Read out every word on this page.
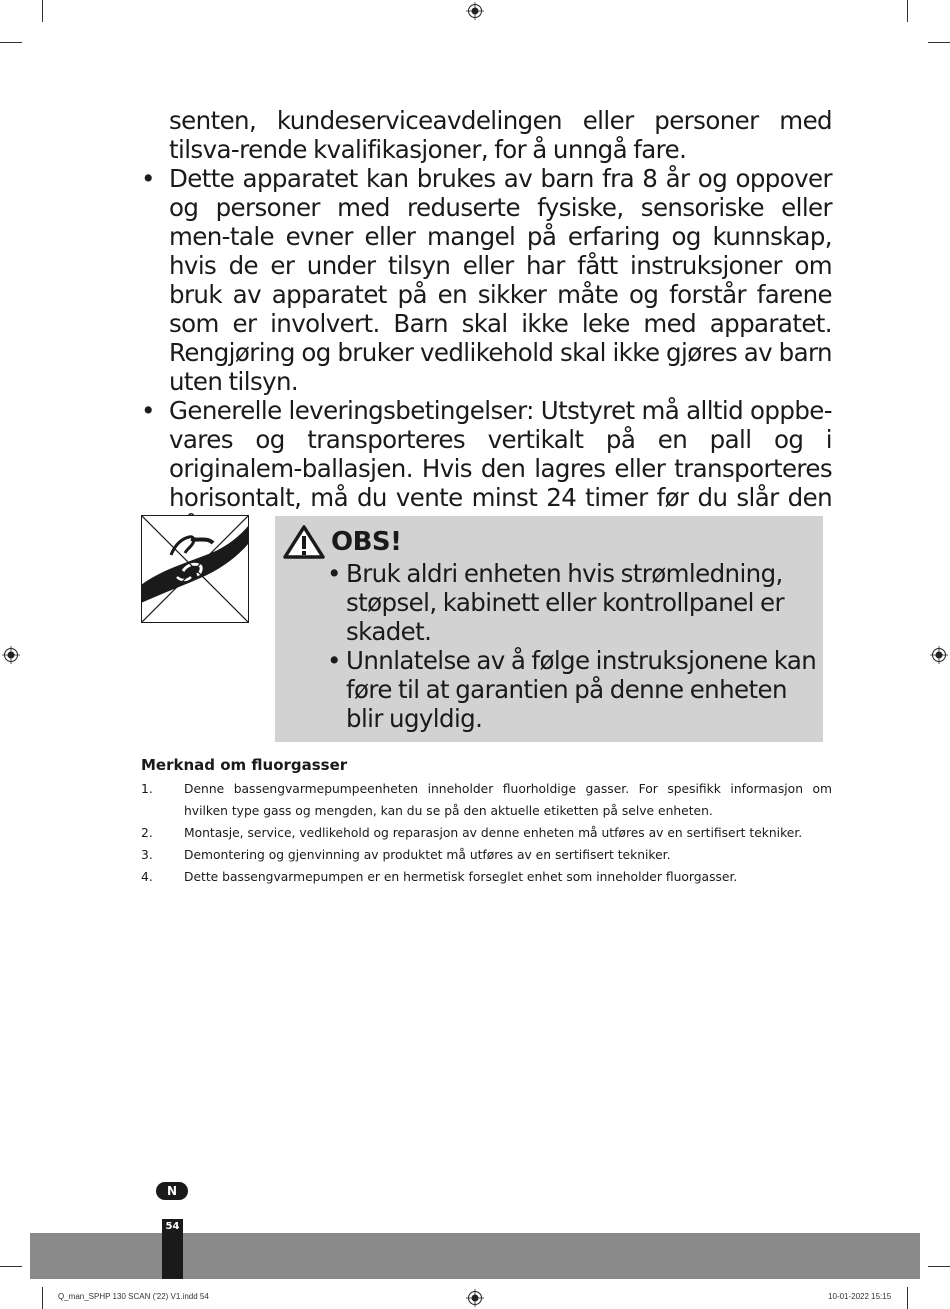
senten, kundeserviceavdelingen eller personer med tilsva-rende kvalifikasjoner, for å unngå fare.

• Dette apparatet kan brukes av barn fra 8 år og oppover og personer med reduserte fysiske, sensoriske eller men-tale evner eller mangel på erfaring og kunnskap, hvis de er under tilsyn eller har fått instruksjoner om bruk av apparatet på en sikker måte og forstår farene som er involvert. Barn skal ikke leke med apparatet. Rengjøring og bruker vedlikehold skal ikke gjøres av barn uten tilsyn.
• Generelle leveringsbetingelser: Utstyret må alltid oppbe-vares og transporteres vertikalt på en pall og i originalem-ballasjen. Hvis den lagres eller transporteres horisontalt, må du vente minst 24 timer før du slår den
OBS!
• Bruk aldri enheten hvis strømledning, støpsel, kabinett eller kontrollpanel er skadet.
• Unnlatelse av å følge instruksjonene kan føre til at garantien på denne enheten blir ugyldig.

Merknad om fluorgasser

1.	Denne bassengvarmepumpeenheten inneholder fluorholdige gasser. For spesifikk informasjon om hvilken type gass og mengden, kan du se på den aktuelle etiketten på selve enheten.
2.	Montasje, service, vedlikehold og reparasjon av denne enheten må utføres av en sertifisert tekniker.
3.	Demontering og gjenvinning av produktet må utføres av en sertifisert tekniker.
4.	Dette bassengvarmepumpen er en hermetisk forseglet enhet som inneholder fluorgasser.
N
54
Q_man_SPHP 130 SCAN ('22) V1.indd 54	10-01-2022 15:15
